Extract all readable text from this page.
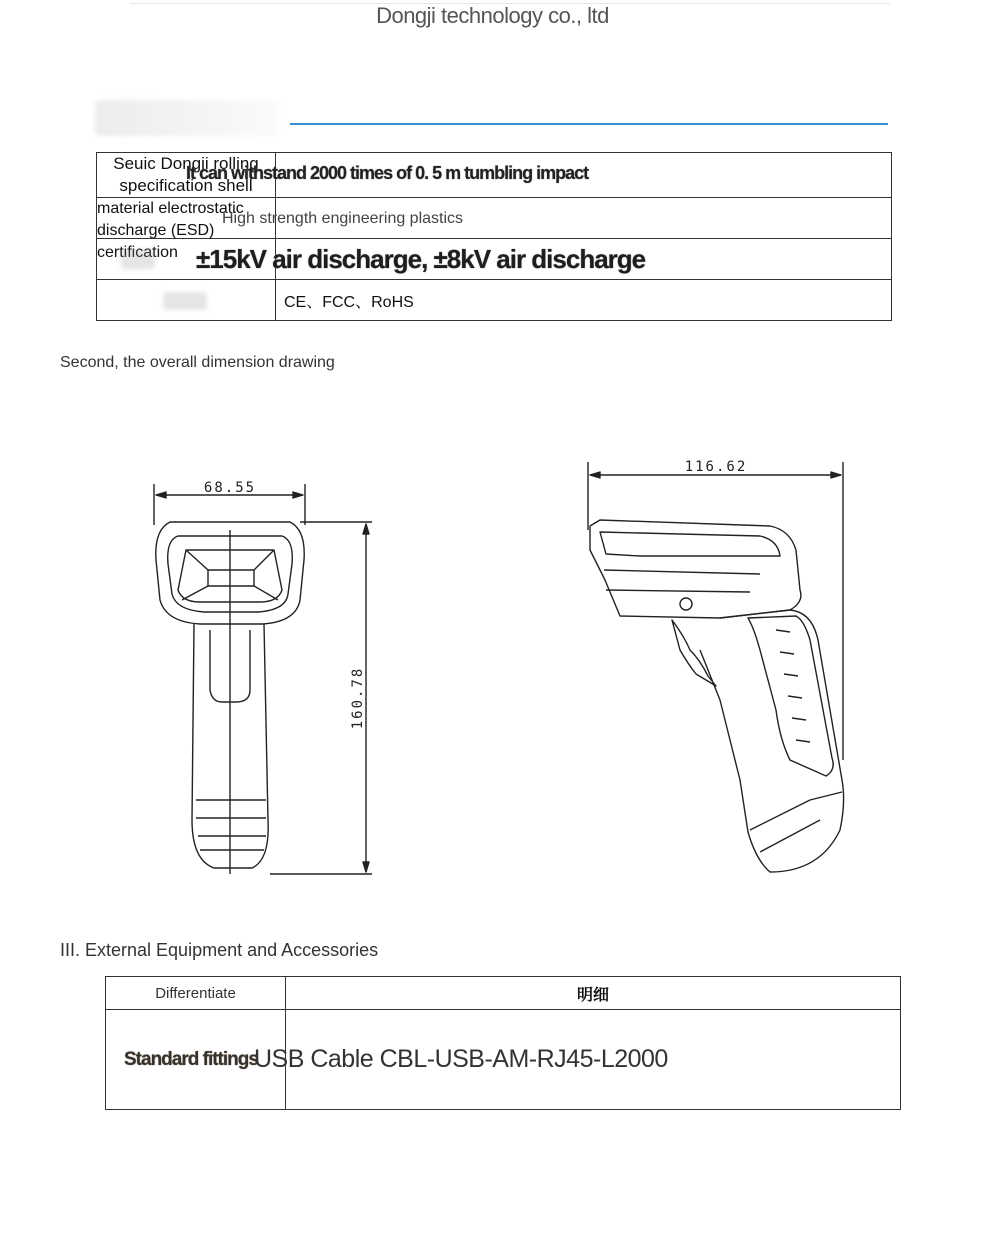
Dongji technology co., ltd
Seuic Dongji rolling specification shell	It can withstand 2000 times of 0. 5 m tumbling impact

material electrostatic discharge (ESD) certification	High strength engineering plastics

	±15kV air discharge, ±8kV air discharge

	CE、FCC、RoHS
Second, the overall dimension drawing
68.55
160.78
116.62
III. External Equipment and Accessories
Differentiate	明细
Standard fittings	USB Cable CBL-USB-AM-RJ45-L2000
